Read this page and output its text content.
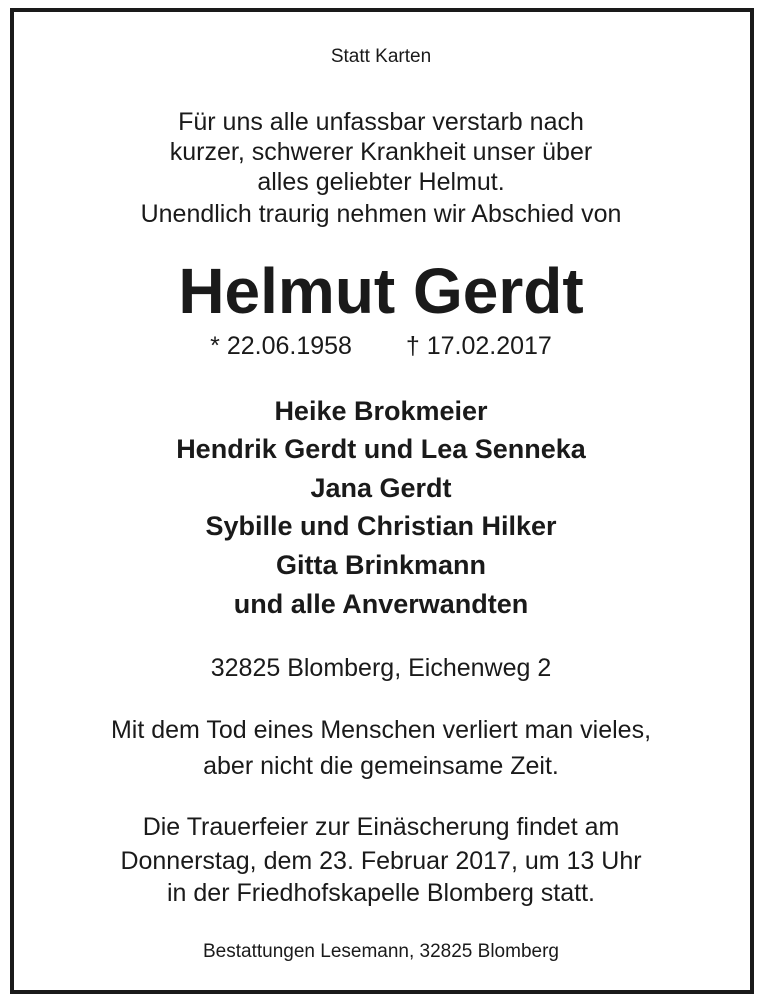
Statt Karten
Für uns alle unfassbar verstarb nach
kurzer, schwerer Krankheit unser über
alles geliebter Helmut.
Unendlich traurig nehmen wir Abschied von
Helmut Gerdt
* 22.06.1958 † 17.02.2017
Heike Brokmeier
Hendrik Gerdt und Lea Senneka
Jana Gerdt
Sybille und Christian Hilker
Gitta Brinkmann
und alle Anverwandten
32825 Blomberg, Eichenweg 2
Mit dem Tod eines Menschen verliert man vieles,
aber nicht die gemeinsame Zeit.
Die Trauerfeier zur Einäscherung findet am
Donnerstag, dem 23. Februar 2017, um 13 Uhr
in der Friedhofskapelle Blomberg statt.
Bestattungen Lesemann, 32825 Blomberg
